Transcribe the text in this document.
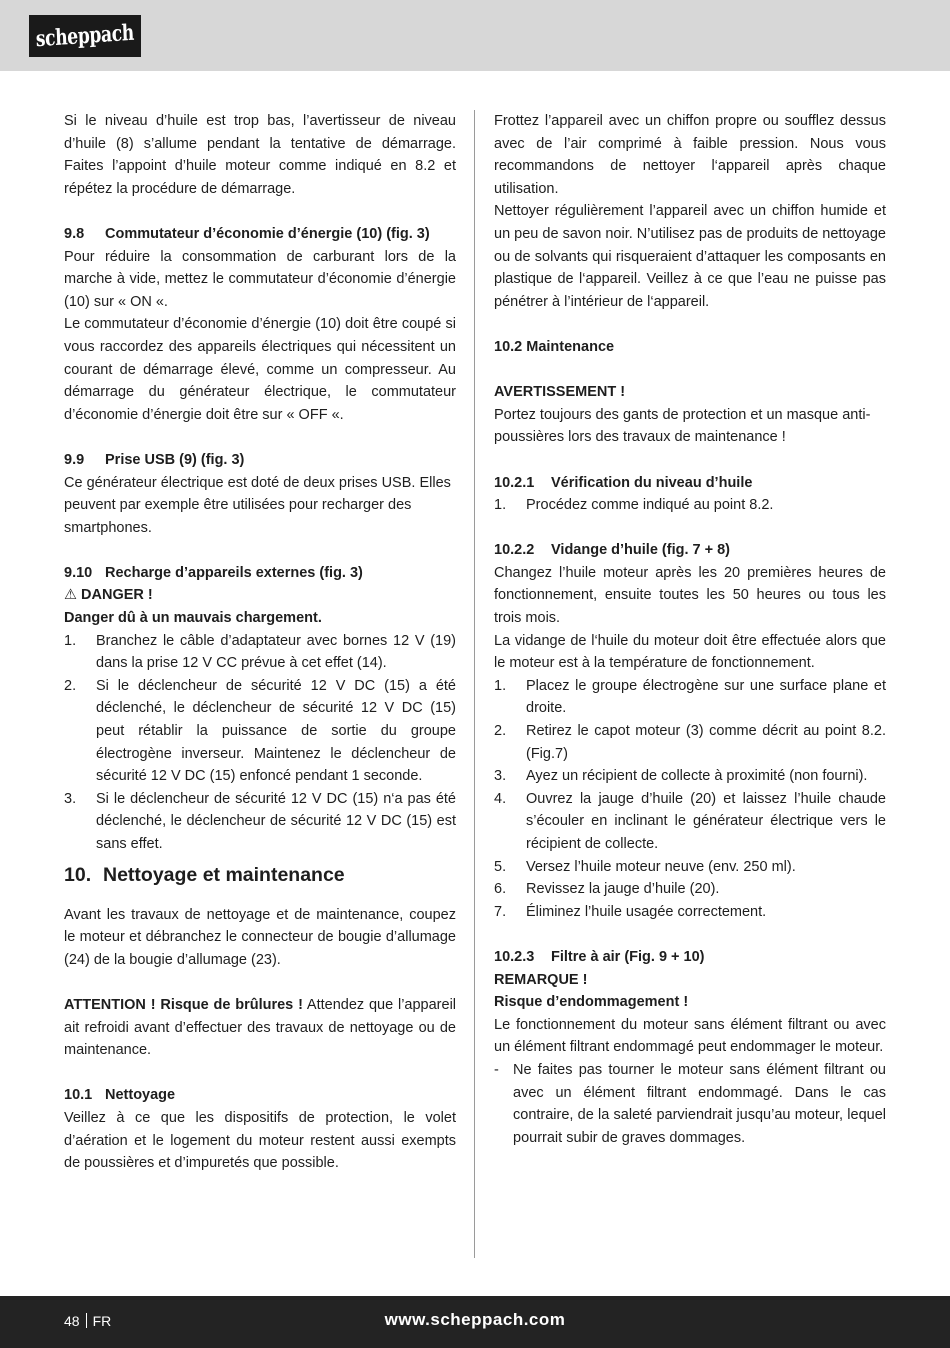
scheppach

Si le niveau d’huile est trop bas, l’avertisseur de niveau d’huile (8) s’allume pendant la tentative de démarrage. Faites l’appoint d’huile moteur comme indiqué en 8.2 et répétez la procédure de démarrage.

9.8 Commutateur d’économie d’énergie (10) (fig. 3)

Pour réduire la consommation de carburant lors de la marche à vide, mettez le commutateur d’économie d’énergie (10) sur « ON «.

Le commutateur d’économie d’énergie (10) doit être coupé si vous raccordez des appareils électriques qui nécessitent un courant de démarrage élevé, comme un compresseur. Au démarrage du générateur électrique, le commutateur d’économie d’énergie doit être sur « OFF «.

9.9 Prise USB (9) (fig. 3)

Ce générateur électrique est doté de deux prises USB. Elles peuvent par exemple être utilisées pour recharger des smartphones.

9.10 Recharge d’appareils externes (fig. 3)

⚠ DANGER !

Danger dû à un mauvais chargement.

1. Branchez le câble d’adaptateur avec bornes 12 V (19) dans la prise 12 V CC prévue à cet effet (14).
2. Si le déclencheur de sécurité 12 V DC (15) a été déclenché, le déclencheur de sécurité 12 V DC (15) peut rétablir la puissance de sortie du groupe électrogène inverseur. Maintenez le déclencheur de sécurité 12 V DC (15) enfoncé pendant 1 seconde.
3. Si le déclencheur de sécurité 12 V DC (15) n‘a pas été déclenché, le déclencheur de sécurité 12 V DC (15) est sans effet.
10. Nettoyage et maintenance

Avant les travaux de nettoyage et de maintenance, coupez le moteur et débranchez le connecteur de bougie d’allumage (24) de la bougie d’allumage (23).

ATTENTION ! Risque de brûlures ! Attendez que l’appareil ait refroidi avant d’effectuer des travaux de nettoyage ou de maintenance.

10.1 Nettoyage

Veillez à ce que les dispositifs de protection, le volet d’aération et le logement du moteur restent aussi exempts de poussières et d’impuretés que possible.

Frottez l’appareil avec un chiffon propre ou soufflez dessus avec de l’air comprimé à faible pression. Nous vous recommandons de nettoyer l‘appareil après chaque utilisation.

Nettoyer régulièrement l’appareil avec un chiffon humide et un peu de savon noir. N’utilisez pas de produits de nettoyage ou de solvants qui risqueraient d’attaquer les composants en plastique de l‘appareil. Veillez à ce que l’eau ne puisse pas pénétrer à l’intérieur de l‘appareil.

10.2 Maintenance

AVERTISSEMENT !

Portez toujours des gants de protection et un masque anti-poussières lors des travaux de maintenance !

10.2.1 Vérification du niveau d’huile

1. Procédez comme indiqué au point 8.2.

10.2.2 Vidange d’huile (fig. 7 + 8)

Changez l’huile moteur après les 20 premières heures de fonctionnement, ensuite toutes les 50 heures ou tous les trois mois.

La vidange de l‘huile du moteur doit être effectuée alors que le moteur est à la température de fonctionnement.

1. Placez le groupe électrogène sur une surface plane et droite.
2. Retirez le capot moteur (3) comme décrit au point 8.2. (Fig.7)
3. Ayez un récipient de collecte à proximité (non fourni).
4. Ouvrez la jauge d’huile (20) et laissez l’huile chaude s’écouler en inclinant le générateur électrique vers le récipient de collecte.
5. Versez l’huile moteur neuve (env. 250 ml).
6. Revissez la jauge d’huile (20).
7. Éliminez l’huile usagée correctement.

10.2.3 Filtre à air (Fig. 9 + 10)

REMARQUE !

Risque d’endommagement !

Le fonctionnement du moteur sans élément filtrant ou avec un élément filtrant endommagé peut endommager le moteur.

- Ne faites pas tourner le moteur sans élément filtrant ou avec un élément filtrant endommagé. Dans le cas contraire, de la saleté parviendrait jusqu’au moteur, lequel pourrait subir de graves dommages.
48 FR	www.scheppach.com
